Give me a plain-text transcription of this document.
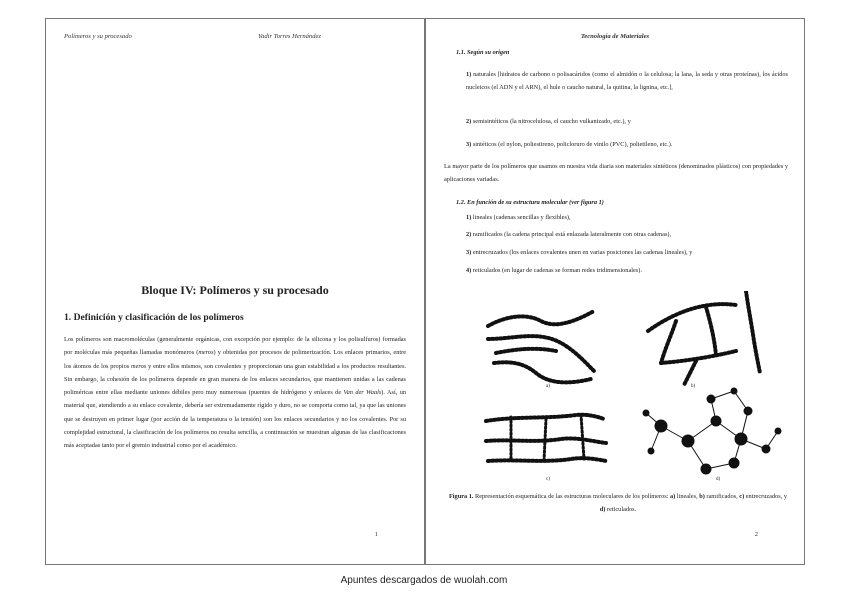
Polímeros y su procesado	Yadir Torres Hernández
Bloque IV: Polímeros y su procesado
1. Definición y clasificación de los polímeros
Los polímeros son macromoléculas (generalmente orgánicas, con excepción por ejemplo: de la silicona y los polisulfuros) formadas por moléculas más pequeñas llamadas monómeros (meros) y obtenidas por procesos de polimerización. Los enlaces primarios, entre los átomos de los propios meros y entre ellos mismos, son covalentes y proporcionan una gran estabilidad a los productos resultantes. Sin embargo, la cohesión de los polímeros depende en gran manera de los enlaces secundarios, que mantienen unidas a las cadenas poliméricas entre ellas mediante uniones débiles pero muy numerosas (puentes de hidrógeno y enlaces de Van der Waals). Así, un material que, atendiendo a su enlace covalente, debería ser extremadamente rígido y duro, no se comporta como tal, ya que las uniones que se destruyen en primer lugar (por acción de la temperatura o la tensión) son los enlaces secundarios y no los covalentes. Por su complejidad estructural, la clasificación de los polímeros no resulta sencilla, a continuación se muestran algunas de las clasificaciones más aceptadas tanto por el gremio industrial como por el académico.
1
Tecnología de Materiales
1.1. Según su origen
1) naturales [hidratos de carbono o polisacáridos (como el almidón o la celulosa; la lana, la seda y otras proteínas), los ácidos nucleicos (el ADN y el ARN), el hule o caucho natural, la quitina, la lignina, etc.],
2) semisintéticos (la nitrocelulosa, el caucho vulkanizado, etc.), y
3) sintéticos (el nylon, poliestireno, policloruro de vinilo (PVC), polietileno, etc.).
La mayor parte de los polímeros que usamos en nuestra vida diaria son materiales sintéticos (denominados plásticos) con propiedades y aplicaciones variadas.
1.2. En función de su estructura molecular (ver figura 1)
1) lineales (cadenas sencillas y flexibles),
2) ramificados (la cadena principal está enlazada lateralmente con otras cadenas),
3) entrecruzados (los enlaces covalentes unen en varias posiciones las cadenas lineales), y
4) reticulados (en lugar de cadenas se forman redes tridimensionales).
a)	b)
c)	d)
Figura 1. Representación esquemática de las estructuras moleculares de los polímeros: a) lineales, b) ramificados, c) entrecruzados, y d) reticulados.
2
Apuntes descargados de wuolah.com
